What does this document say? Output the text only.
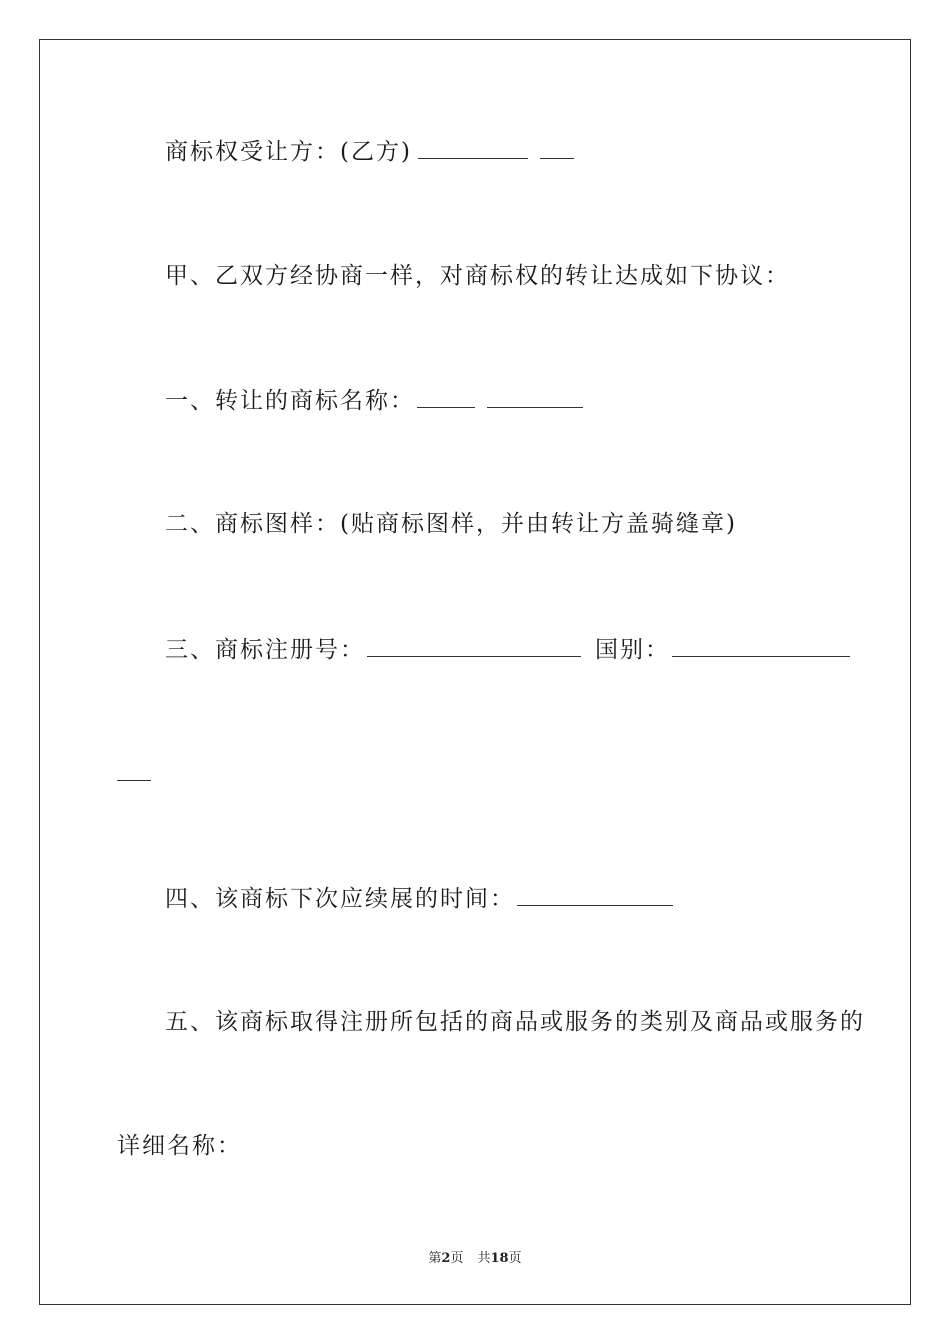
商标权受让方：(乙方)

甲、乙双方经协商一样，对商标权的转让达成如下协议：

一、转让的商标名称：

二、商标图样：(贴商标图样，并由转让方盖骑缝章)

三、商标注册号：	国别：

四、该商标下次应续展的时间：

五、该商标取得注册所包括的商品或服务的类别及商品或服务的

详细名称：

第2页 共18页
